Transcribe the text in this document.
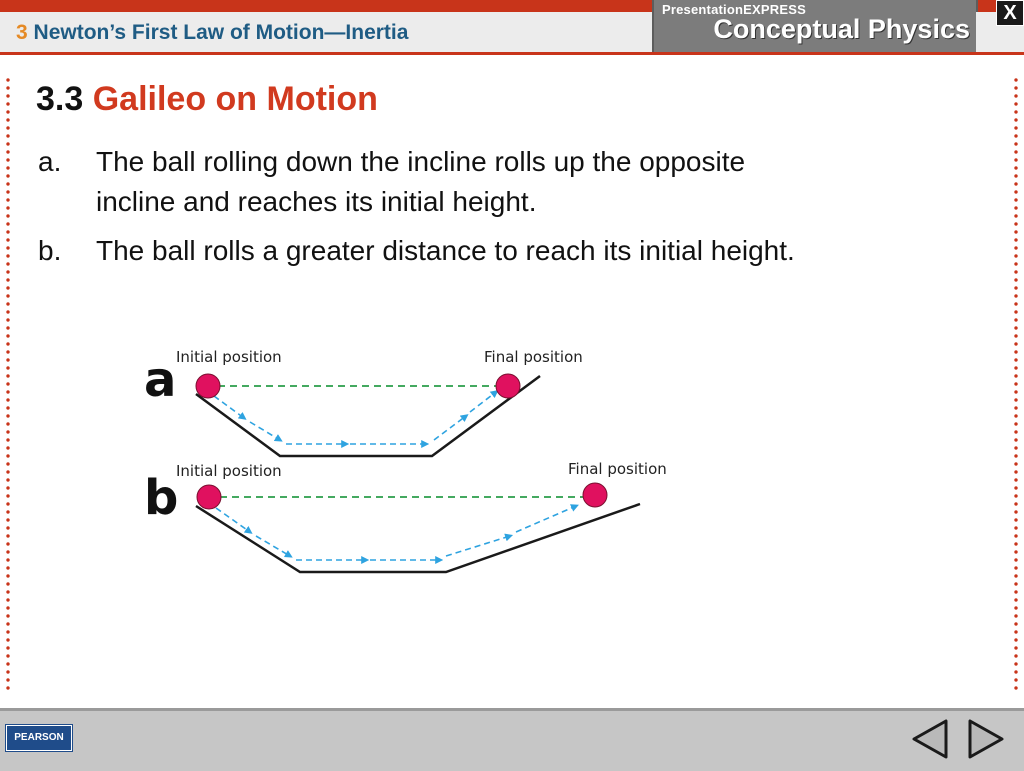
3 Newton’s First Law of Motion—Inertia
PresentationEXPRESS
Conceptual Physics
X
3.3 Galileo on Motion
a. The ball rolling down the incline rolls up the opposite
incline and reaches its initial height.
b. The ball rolls a greater distance to reach its initial height.
a Initial position	Final position
b
Initial position	Final position
PEARSON
